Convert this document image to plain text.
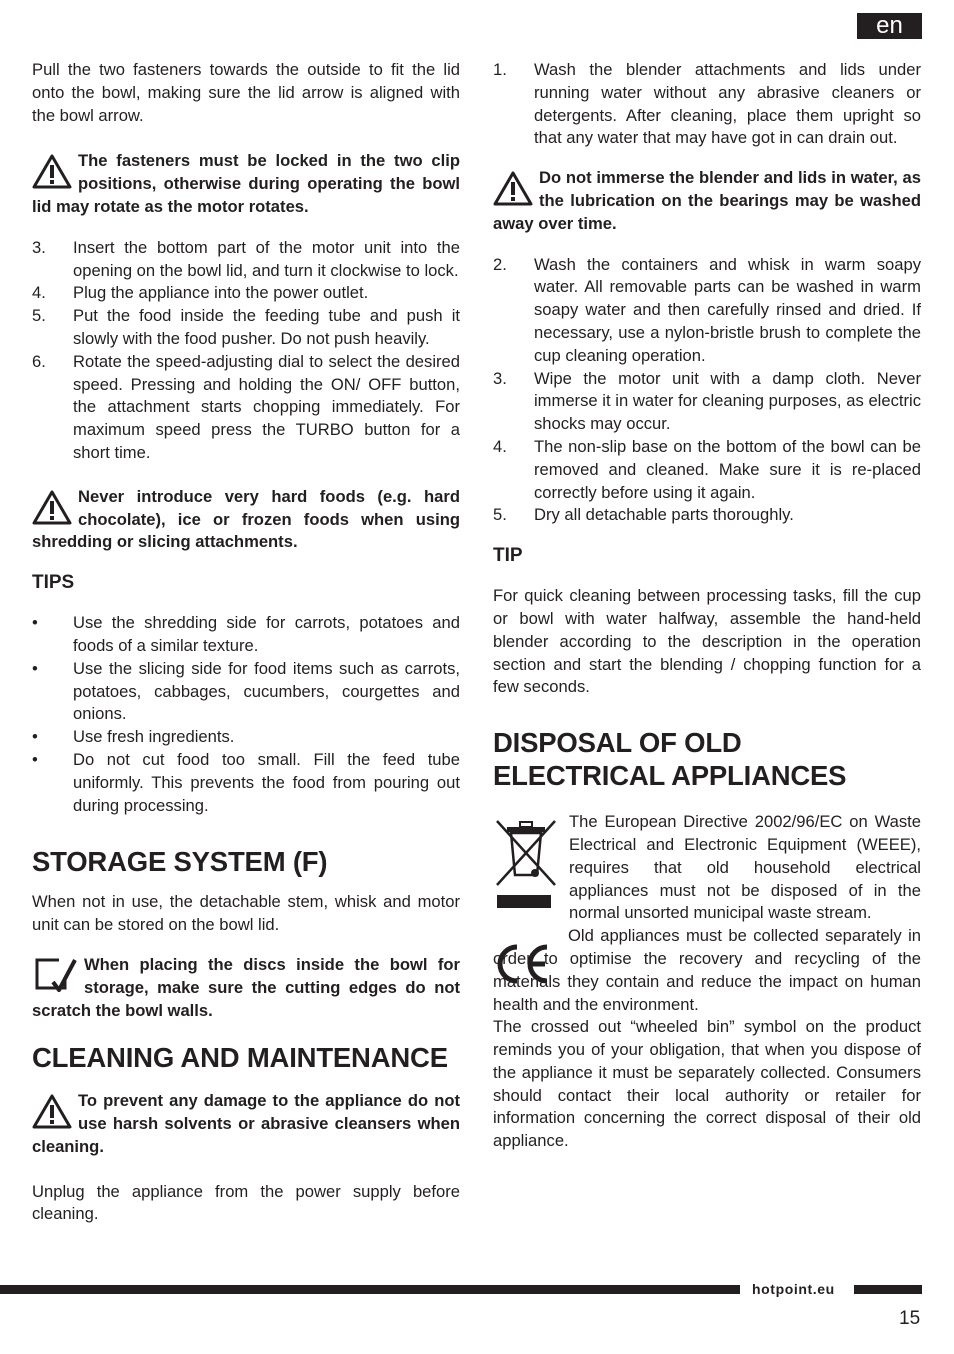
en

Pull the two fasteners towards the outside to fit the lid onto the bowl, making sure the lid arrow is aligned with the bowl arrow.

The fasteners must be locked in the two clip positions, otherwise during operating the bowl lid may rotate as the motor rotates.
3. Insert the bottom part of the motor unit into the opening on the bowl lid, and turn it clockwise to lock.
4. Plug the appliance into the power outlet.
5. Put the food inside the feeding tube and push it slowly with the food pusher. Do not push heavily.
6. Rotate the speed-adjusting dial to select the desired speed. Pressing and holding the ON/ OFF button, the attachment starts chopping immediately. For maximum speed press the TURBO button for a short time.
Never introduce very hard foods (e.g. hard chocolate), ice or frozen foods when using shredding or slicing attachments.
TIPS
• Use the shredding side for carrots, potatoes and foods of a similar texture.
• Use the slicing side for food items such as carrots, potatoes, cabbages, cucumbers, courgettes and onions.
• Use fresh ingredients.
• Do not cut food too small. Fill the feed tube uniformly. This prevents the food from pouring out during processing.
STORAGE SYSTEM (F)

When not in use, the detachable stem, whisk and motor unit can be stored on the bowl lid.

When placing the discs inside the bowl for storage, make sure the cutting edges do not scratch the bowl walls.
CLEANING AND MAINTENANCE
To prevent any damage to the appliance do not use harsh solvents or abrasive cleansers when cleaning.

Unplug the appliance from the power supply before cleaning.

1. Wash the blender attachments and lids under running water without any abrasive cleaners or detergents. After cleaning, place them upright so that any water that may have got in can drain out.
Do not immerse the blender and lids in water, as the lubrication on the bearings may be washed away over time.
2. Wash the containers and whisk in warm soapy water. All removable parts can be washed in warm soapy water and then carefully rinsed and dried. If necessary, use a nylon-bristle brush to complete the cup cleaning operation.
3. Wipe the motor unit with a damp cloth. Never immerse it in water for cleaning purposes, as electric shocks may occur.
4. The non-slip base on the bottom of the bowl can be removed and cleaned. Make sure it is re-placed correctly before using it again.
5. Dry all detachable parts thoroughly.
TIP

For quick cleaning between processing tasks, fill the cup or bowl with water halfway, assemble the hand-held blender according to the description in the operation section and start the blending / chopping function for a few seconds.

DISPOSAL OF OLD
ELECTRICAL APPLIANCES

The European Directive 2002/96/EC on Waste Electrical and Electronic Equipment (WEEE), requires that old household electrical appliances must not be disposed of in the normal unsorted municipal waste stream.

Old appliances must be collected separately in order to optimise the recovery and recycling of the materials they contain and reduce the impact on human health and the environment.

The crossed out “wheeled bin” symbol on the product reminds you of your obligation, that when you dispose of the appliance it must be separately collected. Consumers should contact their local authority or retailer for information concerning the correct disposal of their old appliance.

hotpoint.eu
15
